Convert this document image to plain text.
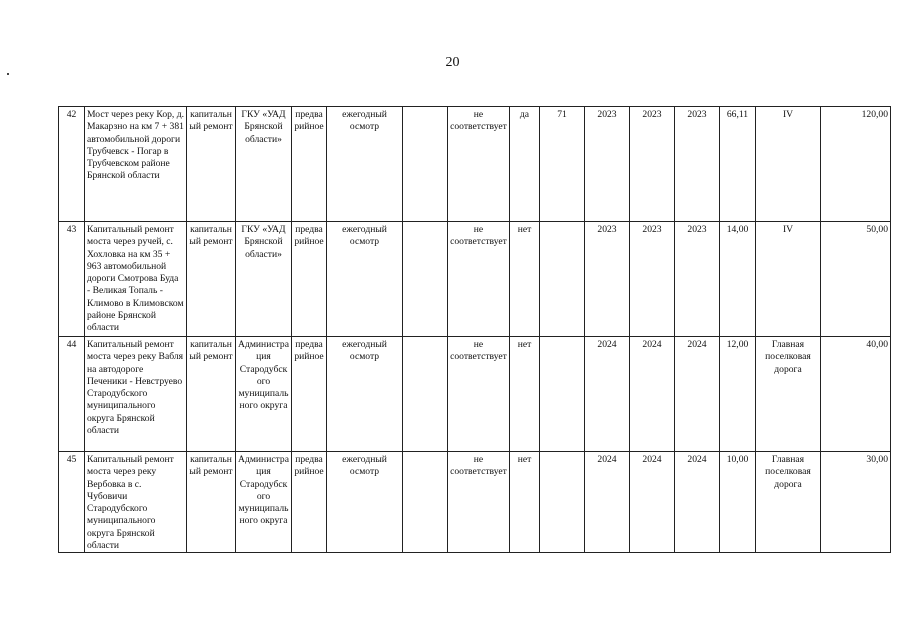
20
42	Мост через реку Кор, д. Макарзно на км 7 + 381 автомобильной дороги Трубчевск - Погар в Трубчевском районе Брянской области	капитальный ремонт	ГКУ «УАД Брянской области»	предварийное	ежегодный осмотр		не соответствует	да	71	2023	2023	2023	66,11	IV	120,00
43	Капитальный ремонт моста через ручей, с. Хохловка на км 35 + 963 автомобильной дороги Смотрова Буда - Великая Топаль - Климово в Климовском районе Брянской области	капитальный ремонт	ГКУ «УАД Брянской области»	предварийное	ежегодный осмотр		не соответствует	нет		2023	2023	2023	14,00	IV	50,00
44	Капитальный ремонт моста через реку Вабля на автодороге Печеники - Невструево Стародубского муниципального округа Брянской области	капитальный ремонт	Администрация Стародубского муниципального округа	предварийное	ежегодный осмотр		не соответствует	нет		2024	2024	2024	12,00	Главная поселковая дорога	40,00
45	Капитальный ремонт моста через реку Вербовка в с. Чубовичи Стародубского муниципального округа Брянской области	капитальный ремонт	Администрация Стародубского муниципального округа	предварийное	ежегодный осмотр		не соответствует	нет		2024	2024	2024	10,00	Главная поселковая дорога	30,00
